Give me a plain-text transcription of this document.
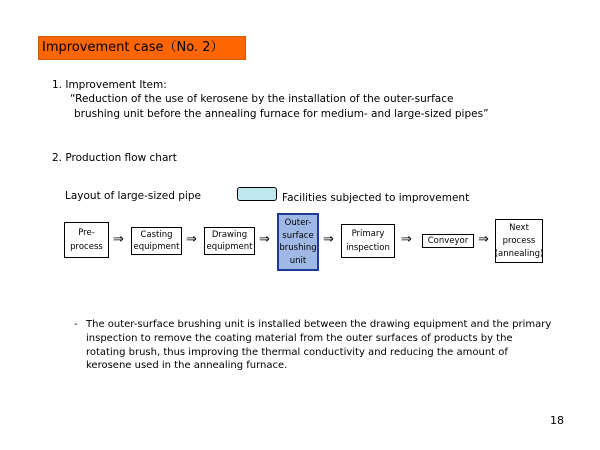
Improvement case（No. 2）
1. Improvement Item:
“Reduction of the use of kerosene by the installation of the outer-surface
brushing unit before the annealing furnace for medium- and large-sized pipes”
2. Production flow chart
Layout of large-sized pipe	Facilities subjected to improvement
Pre-
process
⇒ Casting
equipment ⇒ Drawing
equipment ⇒
Outer-
surface
brushing
unit
⇒ Primary
inspection
⇒ Conveyor ⇒
Next
process
(annealing)
- The outer-surface brushing unit is installed between the drawing equipment and the primary inspection to remove the coating material from the outer surfaces of products by the rotating brush, thus improving the thermal conductivity and reducing the amount of kerosene used in the annealing furnace.
18
